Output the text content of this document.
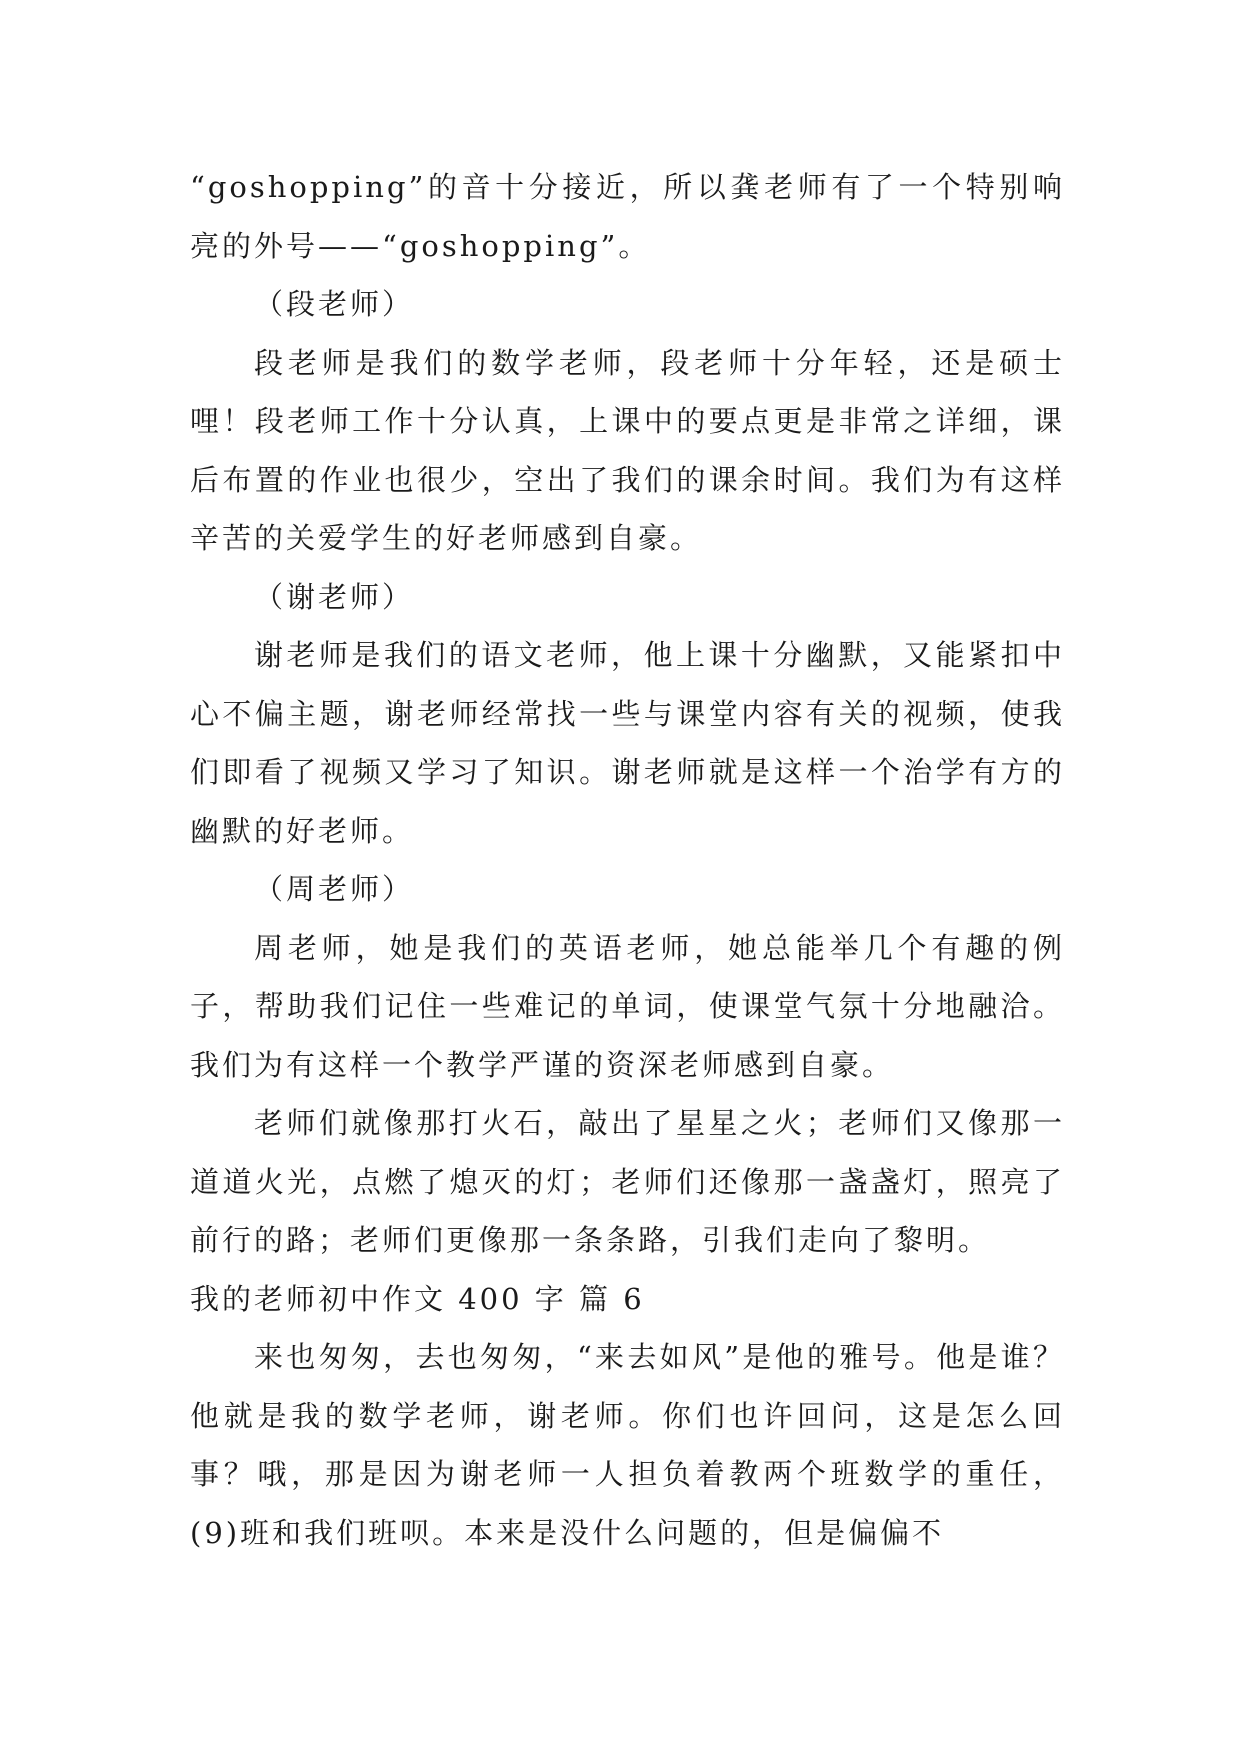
“goshopping”的音十分接近，所以龚老师有了一个特别响亮的外号——“goshopping”。

（段老师）

段老师是我们的数学老师，段老师十分年轻，还是硕士哩！段老师工作十分认真，上课中的要点更是非常之详细，课后布置的作业也很少，空出了我们的课余时间。我们为有这样辛苦的关爱学生的好老师感到自豪。

（谢老师）

谢老师是我们的语文老师，他上课十分幽默，又能紧扣中心不偏主题，谢老师经常找一些与课堂内容有关的视频，使我们即看了视频又学习了知识。谢老师就是这样一个治学有方的幽默的好老师。

（周老师）

周老师，她是我们的英语老师，她总能举几个有趣的例子，帮助我们记住一些难记的单词，使课堂气氛十分地融洽。我们为有这样一个教学严谨的资深老师感到自豪。

老师们就像那打火石，敲出了星星之火；老师们又像那一道道火光，点燃了熄灭的灯；老师们还像那一盏盏灯，照亮了前行的路；老师们更像那一条条路，引我们走向了黎明。

我的老师初中作文 400 字 篇 6

来也匆匆，去也匆匆，“来去如风”是他的雅号。他是谁？他就是我的数学老师，谢老师。你们也许回问，这是怎么回事？哦，那是因为谢老师一人担负着教两个班数学的重任，(9)班和我们班呗。本来是没什么问题的，但是偏偏不
